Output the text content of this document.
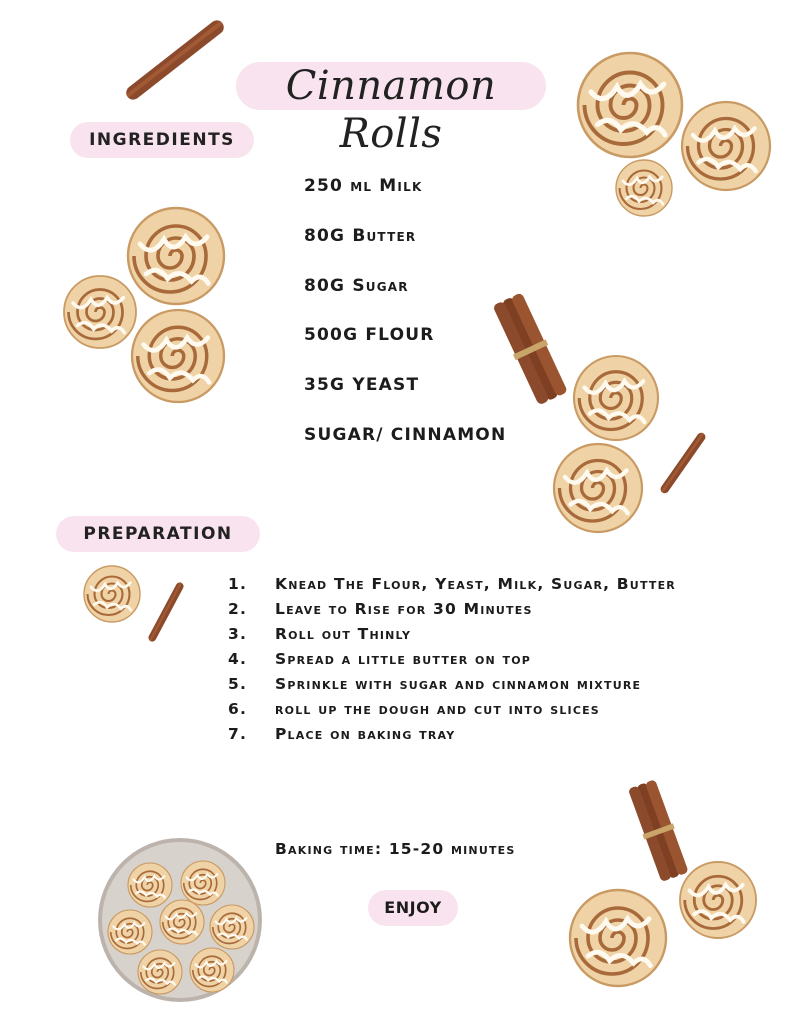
Cinnamon Rolls
INGREDIENTS
PREPARATION
250 ml Milk
80G Butter
80G Sugar
500G FLOUR
35G YEAST
SUGAR/ CINNAMON
1.	Knead The Flour, Yeast, Milk, Sugar, Butter
2.	Leave to Rise for 30 Minutes
3.	Roll out Thinly
4.	Spread a little butter on top
5.	Sprinkle with sugar and cinnamon mixture
6.	roll up the dough and cut into slices
7.	Place on baking tray
Baking time: 15-20 minutes
ENJOY
